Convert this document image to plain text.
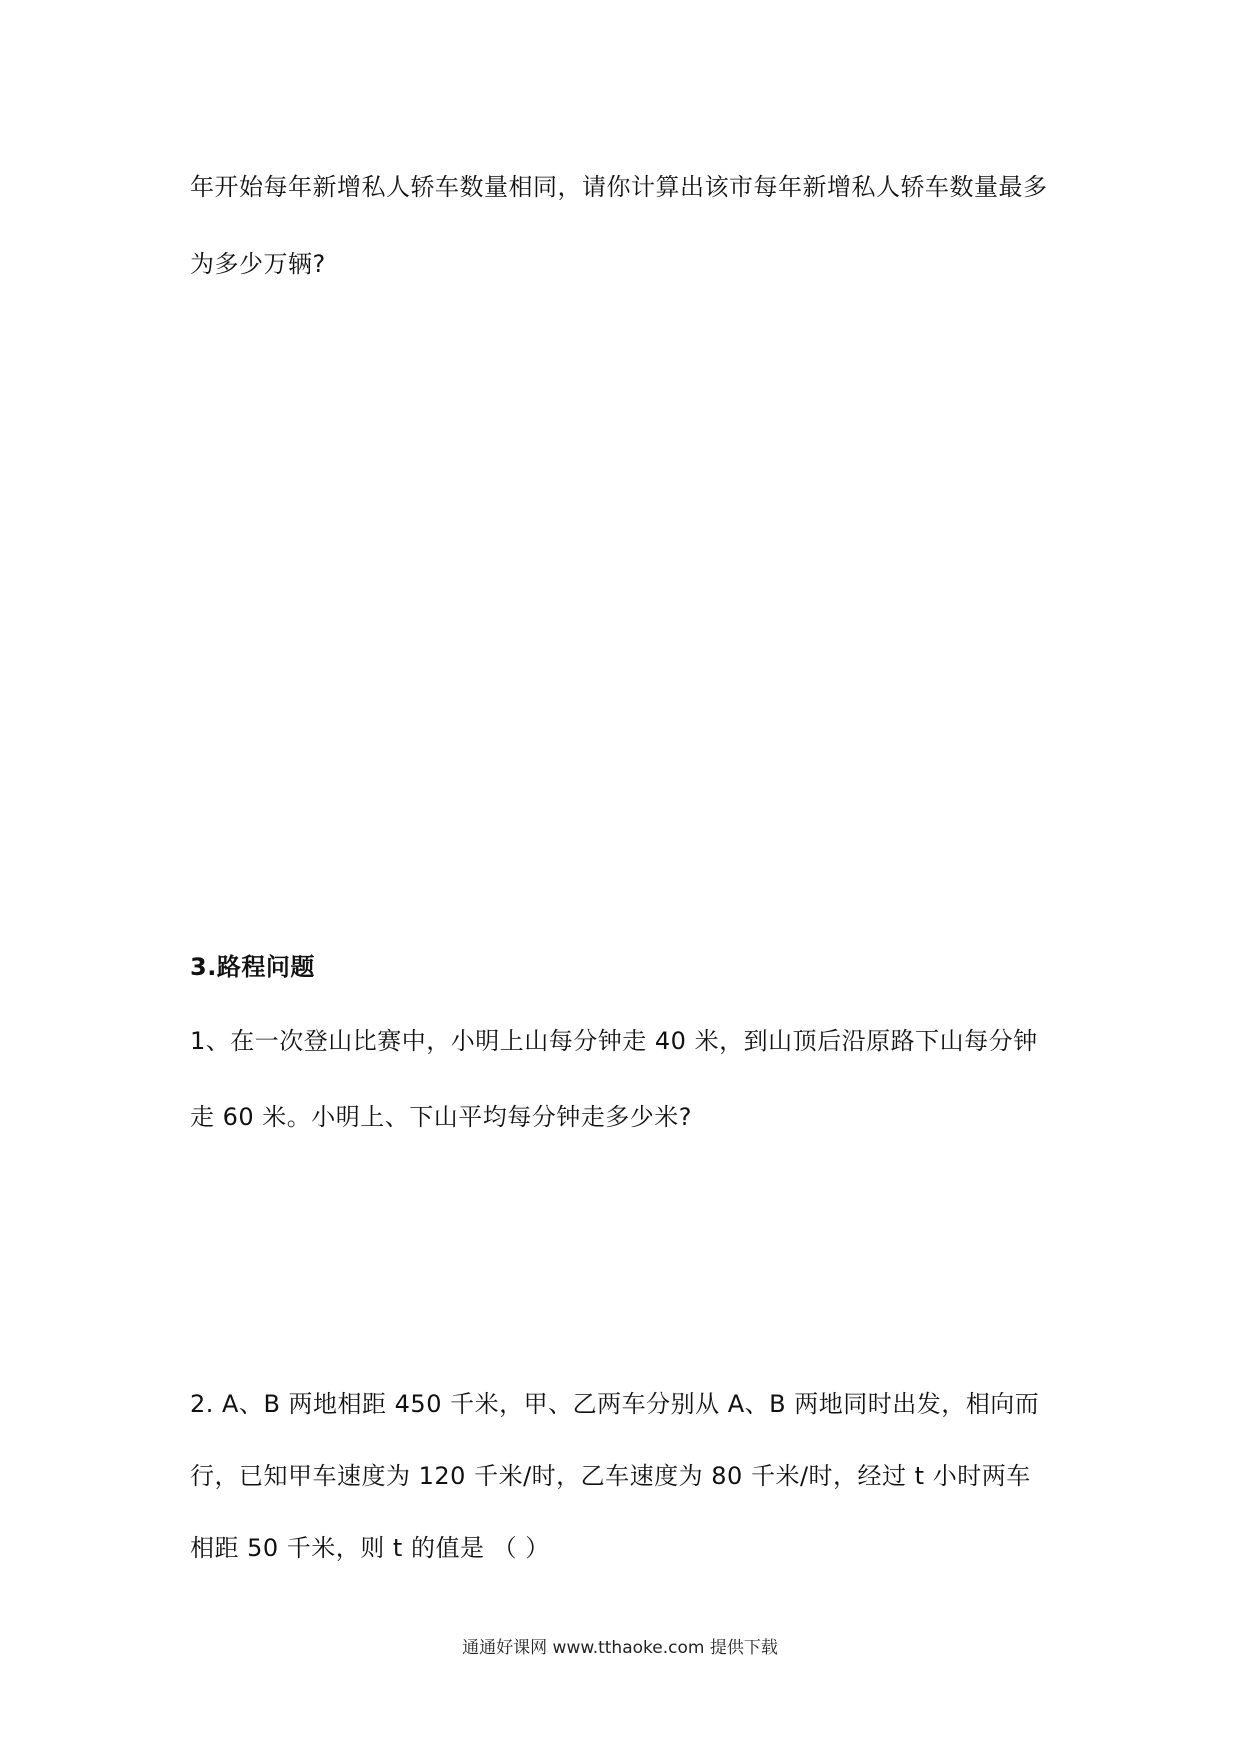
年开始每年新增私人轿车数量相同，请你计算出该市每年新增私人轿车数量最多
为多少万辆?
3.路程问题
1、在一次登山比赛中，小明上山每分钟走 40 米，到山顶后沿原路下山每分钟
走 60 米。小明上、下山平均每分钟走多少米?
2. A、B 两地相距 450 千米，甲、乙两车分别从 A、B 两地同时出发，相向而
行，已知甲车速度为 120 千米/时，乙车速度为 80 千米/时，经过 t 小时两车
相距 50 千米，则 t 的值是 （ ）
通通好课网 www.tthaoke.com 提供下载
